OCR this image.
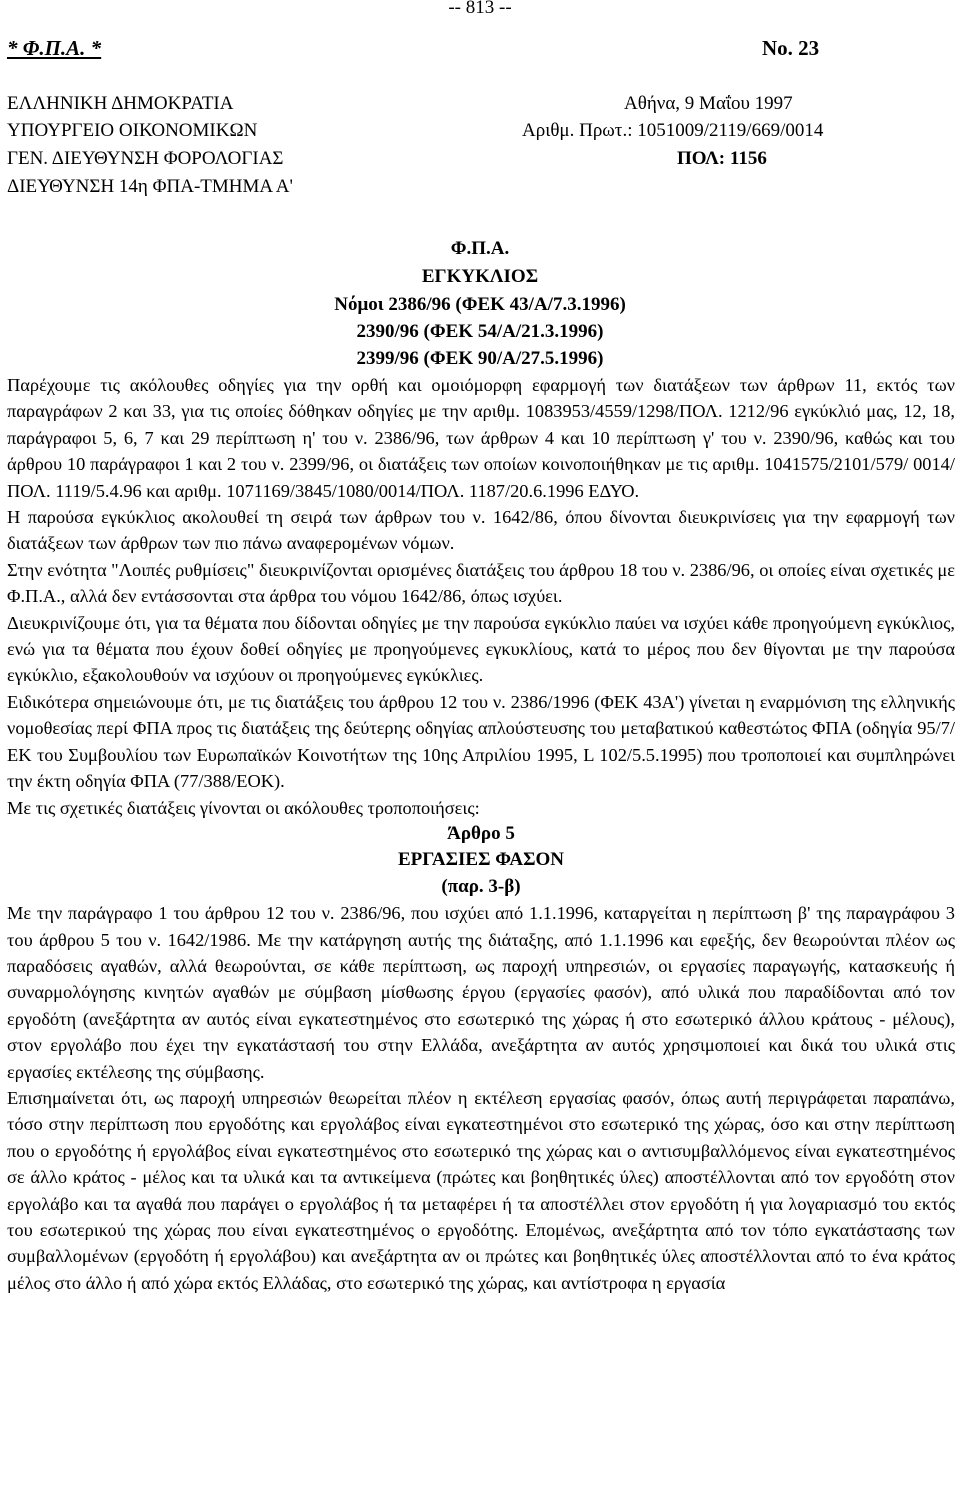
-- 813 --
* Φ.Π.Α. *	No. 23
ΕΛΛΗΝΙΚΗ ΔΗΜΟΚΡΑΤΙΑ
ΥΠΟΥΡΓΕΙΟ ΟΙΚΟΝΟΜΙΚΩΝ
ΓΕΝ. ΔΙΕΥΘΥΝΣΗ ΦΟΡΟΛΟΓΙΑΣ
ΔΙΕΥΘΥΝΣΗ 14η ΦΠΑ-ΤΜΗΜΑ Α'
Αθήνα, 9 Μαΐου 1997
Αριθμ. Πρωτ.: 1051009/2119/669/0014
ΠΟΛ: 1156
Φ.Π.Α.
ΕΓΚΥΚΛΙΟΣ
Νόμοι 2386/96 (ΦΕΚ 43/Α/7.3.1996)
2390/96 (ΦΕΚ 54/Α/21.3.1996)
2399/96 (ΦΕΚ 90/Α/27.5.1996)

Παρέχουμε τις ακόλουθες οδηγίες για την ορθή και ομοιόμορφη εφαρμογή των διατάξεων των άρθρων 11, εκτός των παραγράφων 2 και 33, για τις οποίες δόθηκαν οδηγίες με την αριθμ. 1083953/4559/1298/ΠΟΛ. 1212/96 εγκύκλιό μας, 12, 18, παράγραφοι 5, 6, 7 και 29 περίπτωση η' του ν. 2386/96, των άρθρων 4 και 10 περίπτωση γ' του ν. 2390/96, καθώς και του άρθρου 10 παράγραφοι 1 και 2 του ν. 2399/96, οι διατάξεις των οποίων κοινοποιήθηκαν με τις αριθμ. 1041575/2101/579/ 0014/ΠΟΛ. 1119/5.4.96 και αριθμ. 1071169/3845/1080/0014/ΠΟΛ. 1187/20.6.1996 ΕΔΥΟ.

Η παρούσα εγκύκλιος ακολουθεί τη σειρά των άρθρων του ν. 1642/86, όπου δίνονται διευκρινίσεις για την εφαρμογή των διατάξεων των άρθρων των πιο πάνω αναφερομένων νόμων.

Στην ενότητα "Λοιπές ρυθμίσεις" διευκρινίζονται ορισμένες διατάξεις του άρθρου 18 του ν. 2386/96, οι οποίες είναι σχετικές με Φ.Π.Α., αλλά δεν εντάσσονται στα άρθρα του νόμου 1642/86, όπως ισχύει.

Διευκρινίζουμε ότι, για τα θέματα που δίδονται οδηγίες με την παρούσα εγκύκλιο παύει να ισχύει κάθε προηγούμενη εγκύκλιος, ενώ για τα θέματα που έχουν δοθεί οδηγίες με προηγούμενες εγκυκλίους, κατά το μέρος που δεν θίγονται με την παρούσα εγκύκλιο, εξακολουθούν να ισχύουν οι προηγούμενες εγκύκλιες.

Ειδικότερα σημειώνουμε ότι, με τις διατάξεις του άρθρου 12 του ν. 2386/1996 (ΦΕΚ 43Α') γίνεται η εναρμόνιση της ελληνικής νομοθεσίας περί ΦΠΑ προς τις διατάξεις της δεύτερης οδηγίας απλούστευσης του μεταβατικού καθεστώτος ΦΠΑ (οδηγία 95/7/ΕΚ του Συμβουλίου των Ευρωπαϊκών Κοινοτήτων της 10ης Απριλίου 1995, L 102/5.5.1995) που τροποποιεί και συμπληρώνει την έκτη οδηγία ΦΠΑ (77/388/ΕΟΚ).

Με τις σχετικές διατάξεις γίνονται οι ακόλουθες τροποποιήσεις:

Άρθρο 5

ΕΡΓΑΣΙΕΣ ΦΑΣΟΝ

(παρ. 3-β)

Με την παράγραφο 1 του άρθρου 12 του ν. 2386/96, που ισχύει από 1.1.1996, καταργείται η περίπτωση β' της παραγράφου 3 του άρθρου 5 του ν. 1642/1986. Με την κατάργηση αυτής της διάταξης, από 1.1.1996 και εφεξής, δεν θεωρούνται πλέον ως παραδόσεις αγαθών, αλλά θεωρούνται, σε κάθε περίπτωση, ως παροχή υπηρεσιών, οι εργασίες παραγωγής, κατασκευής ή συναρμολόγησης κινητών αγαθών με σύμβαση μίσθωσης έργου (εργασίες φασόν), από υλικά που παραδίδονται από τον εργοδότη (ανεξάρτητα αν αυτός είναι εγκατεστημένος στο εσωτερικό της χώρας ή στο εσωτερικό άλλου κράτους - μέλους), στον εργολάβο που έχει την εγκατάστασή του στην Ελλάδα, ανεξάρτητα αν αυτός χρησιμοποιεί και δικά του υλικά στις εργασίες εκτέλεσης της σύμβασης.

Επισημαίνεται ότι, ως παροχή υπηρεσιών θεωρείται πλέον η εκτέλεση εργασίας φασόν, όπως αυτή περιγράφεται παραπάνω, τόσο στην περίπτωση που εργοδότης και εργολάβος είναι εγκατεστημένοι στο εσωτερικό της χώρας, όσο και στην περίπτωση που ο εργοδότης ή εργολάβος είναι εγκατεστημένος στο εσωτερικό της χώρας και ο αντισυμβαλλόμενος είναι εγκατεστημένος σε άλλο κράτος - μέλος και τα υλικά και τα αντικείμενα (πρώτες και βοηθητικές ύλες) αποστέλλονται από τον εργοδότη στον εργολάβο και τα αγαθά που παράγει ο εργολάβος ή τα μεταφέρει ή τα αποστέλλει στον εργοδότη ή για λογαριασμό του εκτός του εσωτερικού της χώρας που είναι εγκατεστημένος ο εργοδότης. Επομένως, ανεξάρτητα από τον τόπο εγκατάστασης των συμβαλλομένων (εργοδότη ή εργολάβου) και ανεξάρτητα αν οι πρώτες και βοηθητικές ύλες αποστέλλονται από το ένα κράτος μέλος στο άλλο ή από χώρα εκτός Ελλάδας, στο εσωτερικό της χώρας, και αντίστροφα η εργασία
